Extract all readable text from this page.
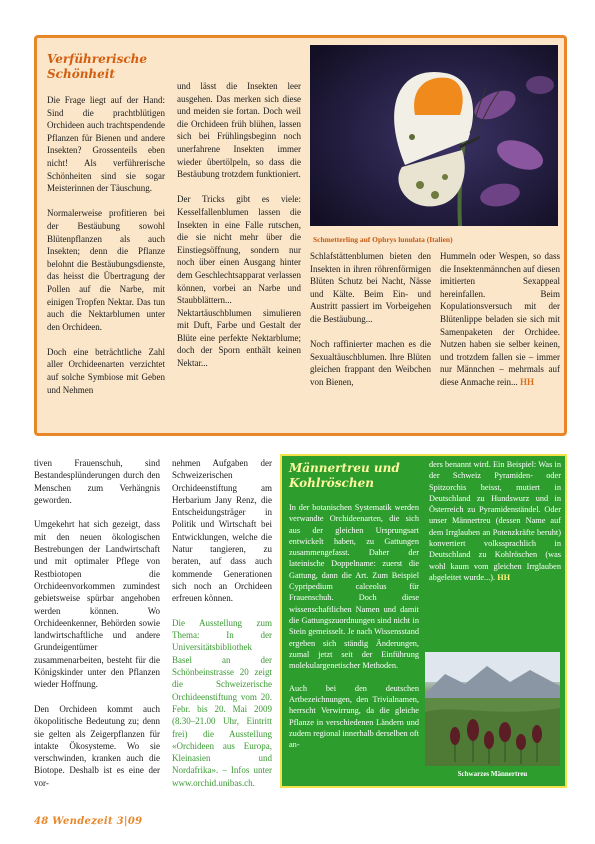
Verführerische Schönheit

Die Frage liegt auf der Hand: Sind die prachtblütigen Orchideen auch trachtspendende Pflanzen für Bienen und andere Insekten? Grossenteils eben nicht! Als verführerische Schönheiten sind sie sogar Meisterinnen der Täuschung.

Normalerweise profitieren bei der Bestäubung sowohl Blütenpflanzen als auch Insekten; denn die Pflanze belohnt die Bestäubungsdienste, das heisst die Übertragung der Pollen auf die Narbe, mit einigen Tropfen Nektar. Das tun auch die Nektarblumen unter den Orchideen.

Doch eine beträchtliche Zahl aller Orchideenarten verzichtet auf solche Symbiose mit Geben und Nehmen

und lässt die Insekten leer ausgehen. Das merken sich diese und meiden sie fortan. Doch weil die Orchideen früh blühen, lassen sich bei Frühlingsbeginn noch unerfahrene Insekten immer wieder übertölpeln, so dass die Bestäubung trotzdem funktioniert.

Der Tricks gibt es viele: Kesselfallenblumen lassen die Insekten in eine Falle rutschen, die sie nicht mehr über die Einstiegsöffnung, sondern nur noch über einen Ausgang hinter dem Geschlechtsapparat verlassen können, vorbei an Narbe und Staubblättern... Nektartäuschblumen simulieren mit Duft, Farbe und Gestalt der Blüte eine perfekte Nektarblume; doch der Sporn enthält keinen Nektar...

Schmetterling auf Ophrys lunulata (Italien)

Schlafstättenblumen bieten den Insekten in ihren röhrenförmigen Blüten Schutz bei Nacht, Nässe und Kälte. Beim Ein- und Austritt passiert im Vorbeigehen die Bestäubung...

Noch raffinierter machen es die Sexualtäuschblumen. Ihre Blüten gleichen frappant den Weibchen von Bienen,

Hummeln oder Wespen, so dass die Insektenmännchen auf diesen imitierten Sexappeal hereinfallen. Beim Kopulationsversuch mit der Blütenlippe beladen sie sich mit Samenpaketen der Orchidee. Nutzen haben sie selber keinen, und trotzdem fallen sie – immer nur Männchen – mehrmals auf diese Anmache rein... HH

tiven Frauenschuh, sind Bestandesplünderungen durch den Menschen zum Verhängnis geworden.

Umgekehrt hat sich gezeigt, dass mit den neuen ökologischen Bestrebungen der Landwirtschaft und mit optimaler Pflege von Restbiotopen die Orchideenvorkommen zumindest gebietsweise spürbar angehoben werden können. Wo Orchideenkenner, Behörden sowie landwirtschaftliche und andere Grundeigentümer zusammenarbeiten, besteht für die Königskinder unter den Pflanzen wieder Hoffnung.

Den Orchideen kommt auch ökopolitische Bedeutung zu; denn sie gelten als Zeigerpflanzen für intakte Ökosysteme. Wo sie verschwinden, kranken auch die Biotope. Deshalb ist es eine der vor-

nehmen Aufgaben der Schweizerischen Orchideenstiftung am Herbarium Jany Renz, die Entscheidungsträger in Politik und Wirtschaft bei Entwicklungen, welche die Natur tangieren, zu beraten, auf dass auch kommende Generationen sich noch an Orchideen erfreuen können.

Die Ausstellung zum Thema: In der Universitätsbibliothek Basel an der Schönbeinstrasse 20 zeigt die Schweizerische Orchideenstiftung vom 20. Febr. bis 20. Mai 2009 (8.30–21.00 Uhr, Eintritt frei) die Ausstellung «Orchideen aus Europa, Kleinasien und Nordafrika». – Infos unter www.orchid.unibas.ch.

Männertreu und Kohlröschen

In der botanischen Systematik werden verwandte Orchideenarten, die sich aus der gleichen Ursprungsart entwickelt haben, zu Gattungen zusammengefasst. Daher der lateinische Doppelname: zuerst die Gattung, dann die Art. Zum Beispiel Cypripedium calceolus für Frauenschuh. Doch diese wissenschaftlichen Namen und damit die Gattungszuordnungen sind nicht in Stein gemeisselt. Je nach Wissensstand ergeben sich ständig Änderungen, zumal jetzt seit der Einführung molekulargenetischer Methoden.

Auch bei den deutschen Artbezeichnungen, den Trivialnamen, herrscht Verwirrung, da die gleiche Pflanze in verschiedenen Ländern und zudem regional innerhalb derselben oft an-

ders benannt wird. Ein Beispiel: Was in der Schweiz Pyramiden- oder Spitzorchis heisst, mutiert in Deutschland zu Hundswurz und in Österreich zu Pyramidenständel. Oder unser Männertreu (dessen Name auf dem Irrglauben an Potenzkräfte beruht) konvertiert volkssprachlich in Deutschland zu Kohlröschen (was wohl kaum vom gleichen Irrglauben abgeleitet wurde...). HH

Schwarzes Männertreu
48 Wendezeit 3|09
